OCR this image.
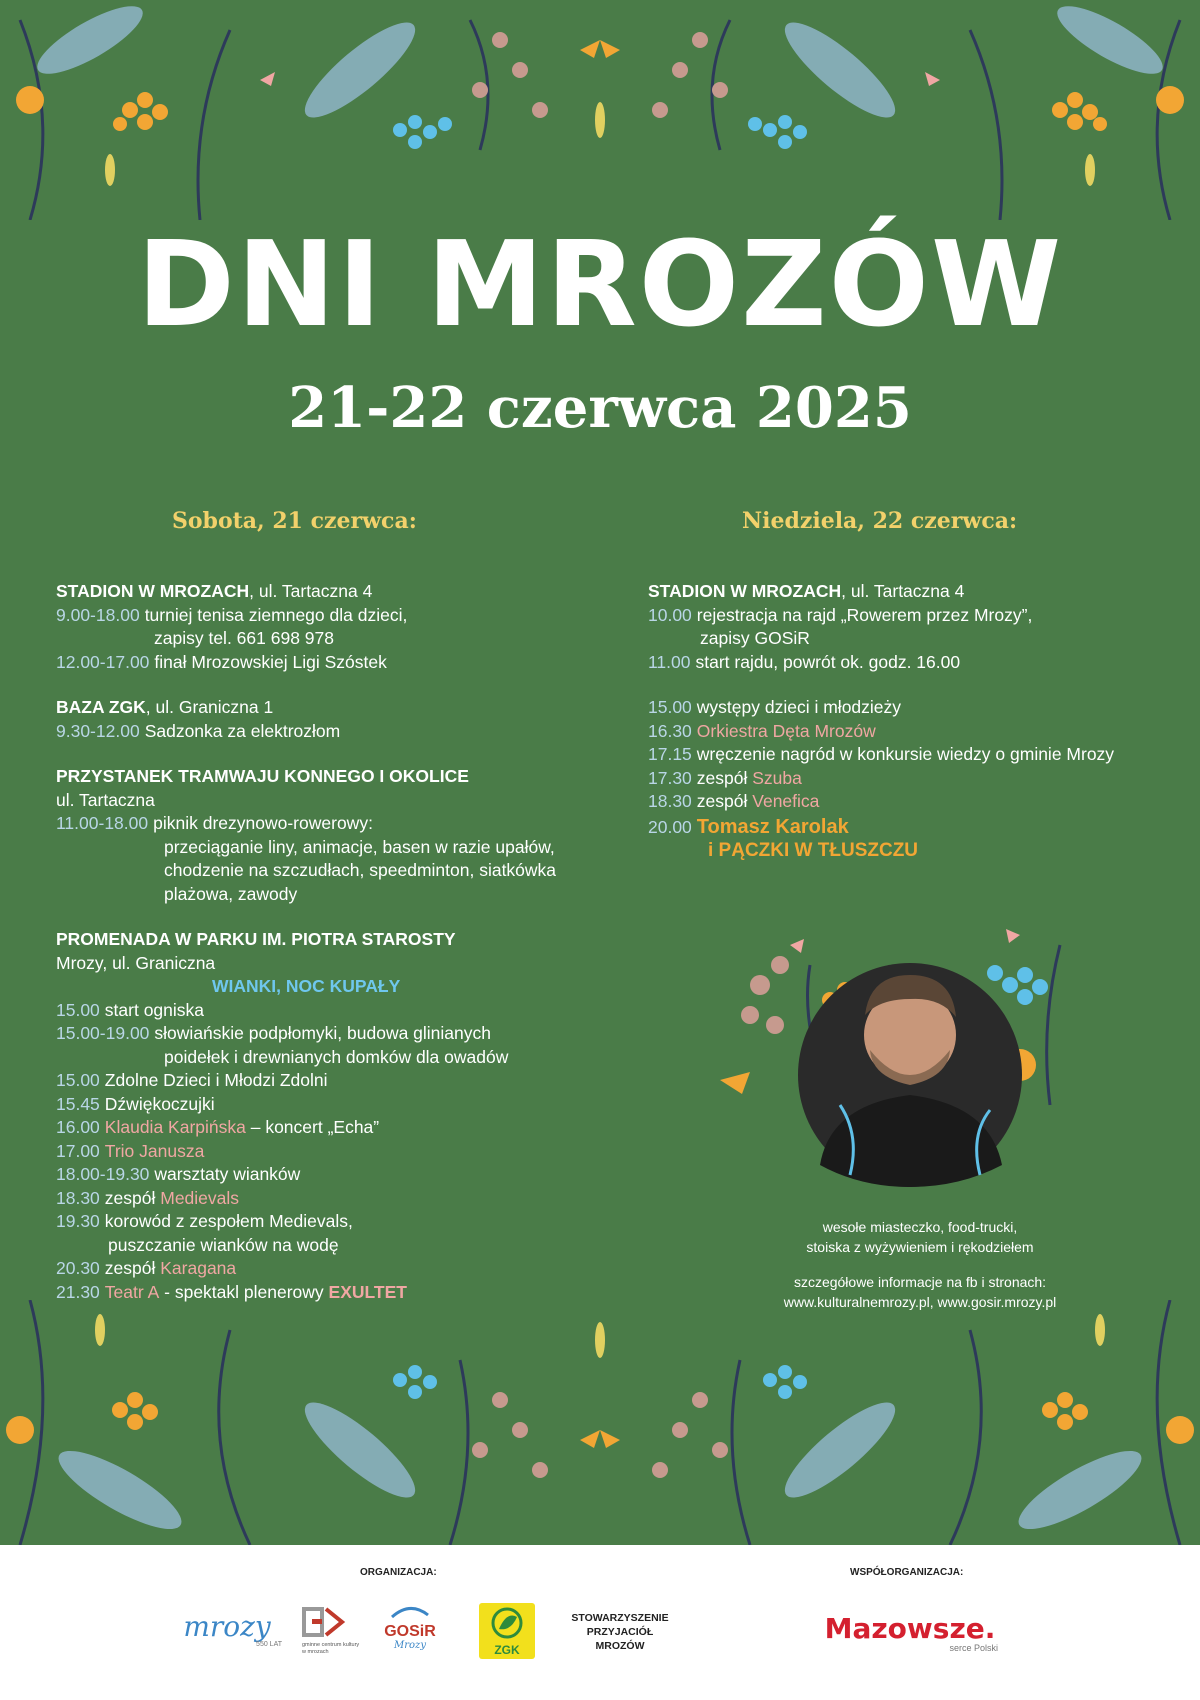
DNI MROZÓW
21-22 czerwca 2025
Sobota, 21 czerwca:	Niedziela, 22 czerwca:
STADION W MROZACH, ul. Tartaczna 4
9.00-18.00 turniej tenisa ziemnego dla dzieci,
zapisy tel. 661 698 978
12.00-17.00 finał Mrozowskiej Ligi Szóstek
BAZA ZGK, ul. Graniczna 1
9.30-12.00 Sadzonka za elektrozłom
PRZYSTANEK TRAMWAJU KONNEGO I OKOLICE
ul. Tartaczna
11.00-18.00 piknik drezynowo-rowerowy:
przeciąganie liny, animacje, basen w razie upałów,
chodzenie na szczudłach, speedminton, siatkówka
plażowa, zawody
PROMENADA W PARKU IM. PIOTRA STAROSTY
Mrozy, ul. Graniczna
WIANKI, NOC KUPAŁY
15.00 start ogniska
15.00-19.00 słowiańskie podpłomyki, budowa glinianych
poidełek i drewnianych domków dla owadów
15.00 Zdolne Dzieci i Młodzi Zdolni
15.45 Dźwiękoczujki
16.00 Klaudia Karpińska – koncert „Echa”
17.00 Trio Janusza
18.00-19.30 warsztaty wianków
18.30 zespół Medievals
19.30 korowód z zespołem Medievals,
puszczanie wianków na wodę
20.30 zespół Karagana
21.30 Teatr A - spektakl plenerowy EXULTET
STADION W MROZACH, ul. Tartaczna 4
10.00 rejestracja na rajd „Rowerem przez Mrozy”,
zapisy GOSiR
11.00 start rajdu, powrót ok. godz. 16.00
15.00 występy dzieci i młodzieży
16.30 Orkiestra Dęta Mrozów
17.15 wręczenie nagród w konkursie wiedzy o gminie Mrozy
17.30 zespół Szuba
18.30 zespół Venefica
20.00 Tomasz Karolak
i PĄCZKI W TŁUSZCZU
wesołe miasteczko, food-trucki,
stoiska z wyżywieniem i rękodziełem
szczegółowe informacje na fb i stronach:
www.kulturalnemrozy.pl, www.gosir.mrozy.pl
ORGANIZACJA:	WSPÓŁORGANIZACJA:
mrozy
550 LAT	gminne centrum kultury w mrozach
GOSiR
Mrozy	ZGK
STOWARZYSZENIE
PRZYJACIÓŁ
MROZÓW
Mazowsze.
serce Polski
